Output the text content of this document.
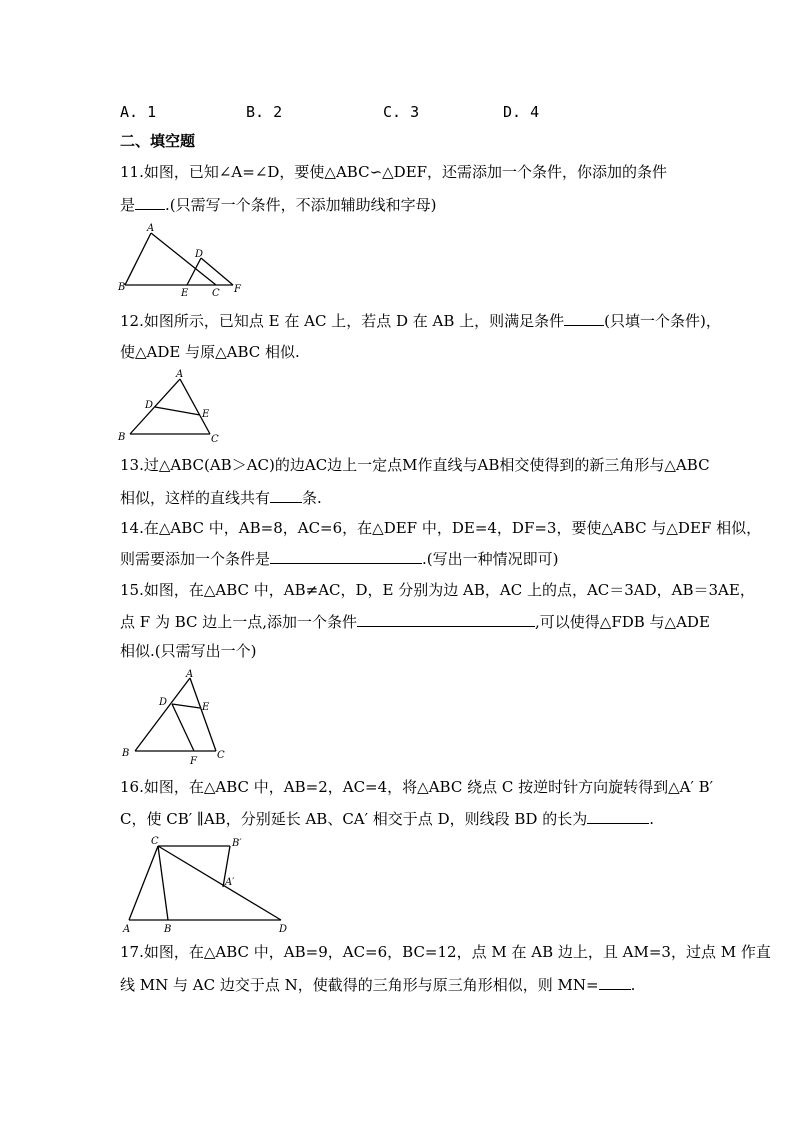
A. 1	B. 2	C. 3	D. 4
二、填空题
11.如图，已知∠A=∠D，要使△ABC∽△DEF，还需添加一个条件，你添加的条件
是 .(只需写一个条件，不添加辅助线和字母)
A
B
D
E C F
12.如图所示，已知点 E 在 AC 上，若点 D 在 AB 上，则满足条件	(只填一个条件)，
使△ADE 与原△ABC 相似.
A
B	C
D
E
13.过△ABC(AB＞AC)的边AC边上一定点M作直线与AB相交使得到的新三角形与△ABC
相似，这样的直线共有 条.
14.在△ABC 中，AB=8，AC=6，在△DEF 中，DE=4，DF=3，要使△ABC 与△DEF 相似，
则需要添加一个条件是	.(写出一种情况即可)
15.如图，在△ABC 中，AB≠AC，D，E 分别为边 AB，AC 上的点，AC＝3AD，AB＝3AE，
点 F 为 BC 边上一点,添加一个条件	,可以使得△FDB 与△ADE
相似.(只需写出一个)
A
B	C
D	E
F
16.如图，在△ABC 中，AB=2，AC=4，将△ABC 绕点 C 按逆时针方向旋转得到△A′ B′
C，使 CB′ ∥AB，分别延长 AB、CA′ 相交于点 D，则线段 BD 的长为	.
C	B′
A′
A	B	D
17.如图，在△ABC 中，AB=9，AC=6，BC=12，点 M 在 AB 边上，且 AM=3，过点 M 作直
线 MN 与 AC 边交于点 N，使截得的三角形与原三角形相似，则 MN= .
